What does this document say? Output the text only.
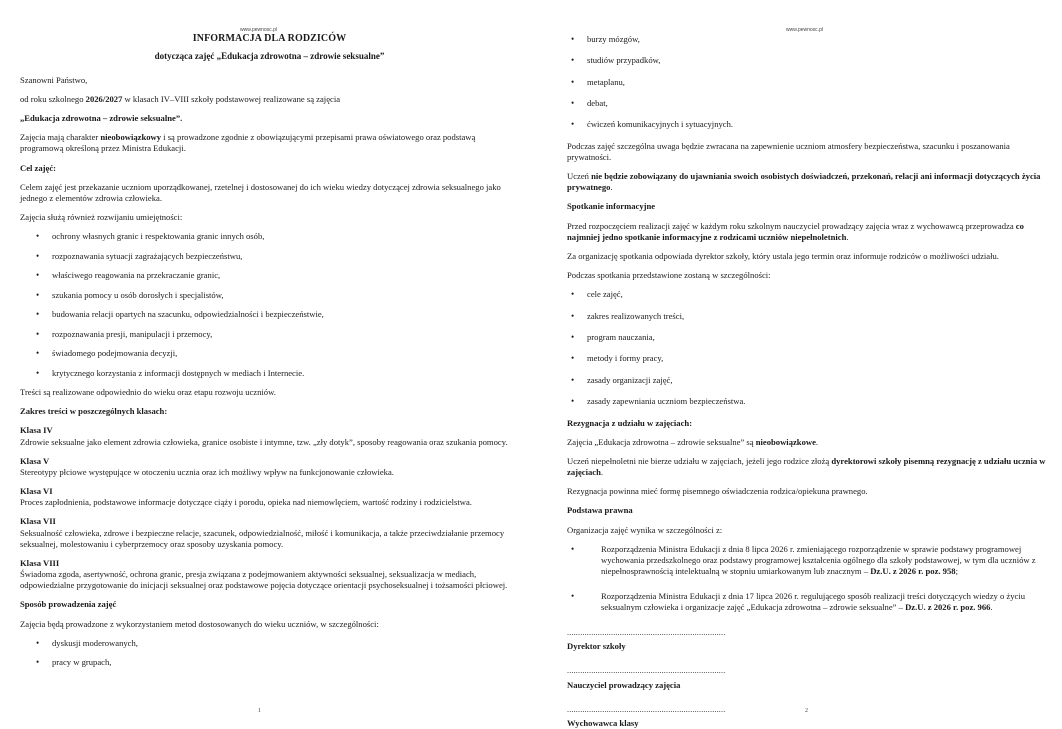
www.pewnosc.pl
INFORMACJA DLA RODZICÓW
dotycząca zajęć „Edukacja zdrowotna – zdrowie seksualne”

Szanowni Państwo,

od roku szkolnego 2026/2027 w klasach IV–VIII szkoły podstawowej realizowane są zajęcia

„Edukacja zdrowotna – zdrowie seksualne”.

Zajęcia mają charakter nieobowiązkowy i są prowadzone zgodnie z obowiązującymi przepisami prawa oświatowego oraz podstawą programową określoną przez Ministra Edukacji.

Cel zajęć:

Celem zajęć jest przekazanie uczniom uporządkowanej, rzetelnej i dostosowanej do ich wieku wiedzy dotyczącej zdrowia seksualnego jako jednego z elementów zdrowia człowieka.

Zajęcia służą również rozwijaniu umiejętności:

• ochrony własnych granic i respektowania granic innych osób,
• rozpoznawania sytuacji zagrażających bezpieczeństwu,
• właściwego reagowania na przekraczanie granic,
• szukania pomocy u osób dorosłych i specjalistów,
• budowania relacji opartych na szacunku, odpowiedzialności i bezpieczeństwie,
• rozpoznawania presji, manipulacji i przemocy,
• świadomego podejmowania decyzji,
• krytycznego korzystania z informacji dostępnych w mediach i Internecie.

Treści są realizowane odpowiednio do wieku oraz etapu rozwoju uczniów.

Zakres treści w poszczególnych klasach:

Klasa IV

Zdrowie seksualne jako element zdrowia człowieka, granice osobiste i intymne, tzw. „zły dotyk”, sposoby reagowania oraz szukania pomocy.

Klasa V

Stereotypy płciowe występujące w otoczeniu ucznia oraz ich możliwy wpływ na funkcjonowanie człowieka.

Klasa VI

Proces zapłodnienia, podstawowe informacje dotyczące ciąży i porodu, opieka nad niemowlęciem, wartość rodziny i rodzicielstwa.

Klasa VII

Seksualność człowieka, zdrowe i bezpieczne relacje, szacunek, odpowiedzialność, miłość i komunikacja, a także przeciwdziałanie przemocy seksualnej, molestowaniu i cyberprzemocy oraz sposoby uzyskania pomocy.

Klasa VIII

Świadoma zgoda, asertywność, ochrona granic, presja związana z podejmowaniem aktywności seksualnej, seksualizacja w mediach, odpowiedzialne przygotowanie do inicjacji seksualnej oraz podstawowe pojęcia dotyczące orientacji psychoseksualnej i tożsamości płciowej.

Sposób prowadzenia zajęć

Zajęcia będą prowadzone z wykorzystaniem metod dostosowanych do wieku uczniów, w szczególności:

• dyskusji moderowanych,
• pracy w grupach,
1
www.pewnosc.pl
• burzy mózgów,
• studiów przypadków,
• metaplanu,
• debat,
• ćwiczeń komunikacyjnych i sytuacyjnych.

Podczas zajęć szczególna uwaga będzie zwracana na zapewnienie uczniom atmosfery bezpieczeństwa, szacunku i poszanowania prywatności.

Uczeń nie będzie zobowiązany do ujawniania swoich osobistych doświadczeń, przekonań, relacji ani informacji dotyczących życia prywatnego.

Spotkanie informacyjne

Przed rozpoczęciem realizacji zajęć w każdym roku szkolnym nauczyciel prowadzący zajęcia wraz z wychowawcą przeprowadza co najmniej jedno spotkanie informacyjne z rodzicami uczniów niepełnoletnich.

Za organizację spotkania odpowiada dyrektor szkoły, który ustala jego termin oraz informuje rodziców o możliwości udziału.

Podczas spotkania przedstawione zostaną w szczególności:

• cele zajęć,
• zakres realizowanych treści,
• program nauczania,
• metody i formy pracy,
• zasady organizacji zajęć,
• zasady zapewniania uczniom bezpieczeństwa.

Rezygnacja z udziału w zajęciach:

Zajęcia „Edukacja zdrowotna – zdrowie seksualne” są nieobowiązkowe.

Uczeń niepełnoletni nie bierze udziału w zajęciach, jeżeli jego rodzice złożą dyrektorowi szkoły pisemną rezygnację z udziału ucznia w zajęciach.

Rezygnacja powinna mieć formę pisemnego oświadczenia rodzica/opiekuna prawnego.

Podstawa prawna

Organizacja zajęć wynika w szczególności z:

• Rozporządzenia Ministra Edukacji z dnia 8 lipca 2026 r. zmieniającego rozporządzenie w sprawie podstawy programowej wychowania przedszkolnego oraz podstawy programowej kształcenia ogólnego dla szkoły podstawowej, w tym dla uczniów z niepełnosprawnością intelektualną w stopniu umiarkowanym lub znacznym – Dz.U. z 2026 r. poz. 958;
• Rozporządzenia Ministra Edukacji z dnia 17 lipca 2026 r. regulującego sposób realizacji treści dotyczących wiedzy o życiu seksualnym człowieka i organizacje zajęć „Edukacja zdrowotna – zdrowie seksualne” – Dz.U. z 2026 r. poz. 966.

........................................................................

Dyrektor szkoły

........................................................................

Nauczyciel prowadzący zajęcia

........................................................................

Wychowawca klasy

2
